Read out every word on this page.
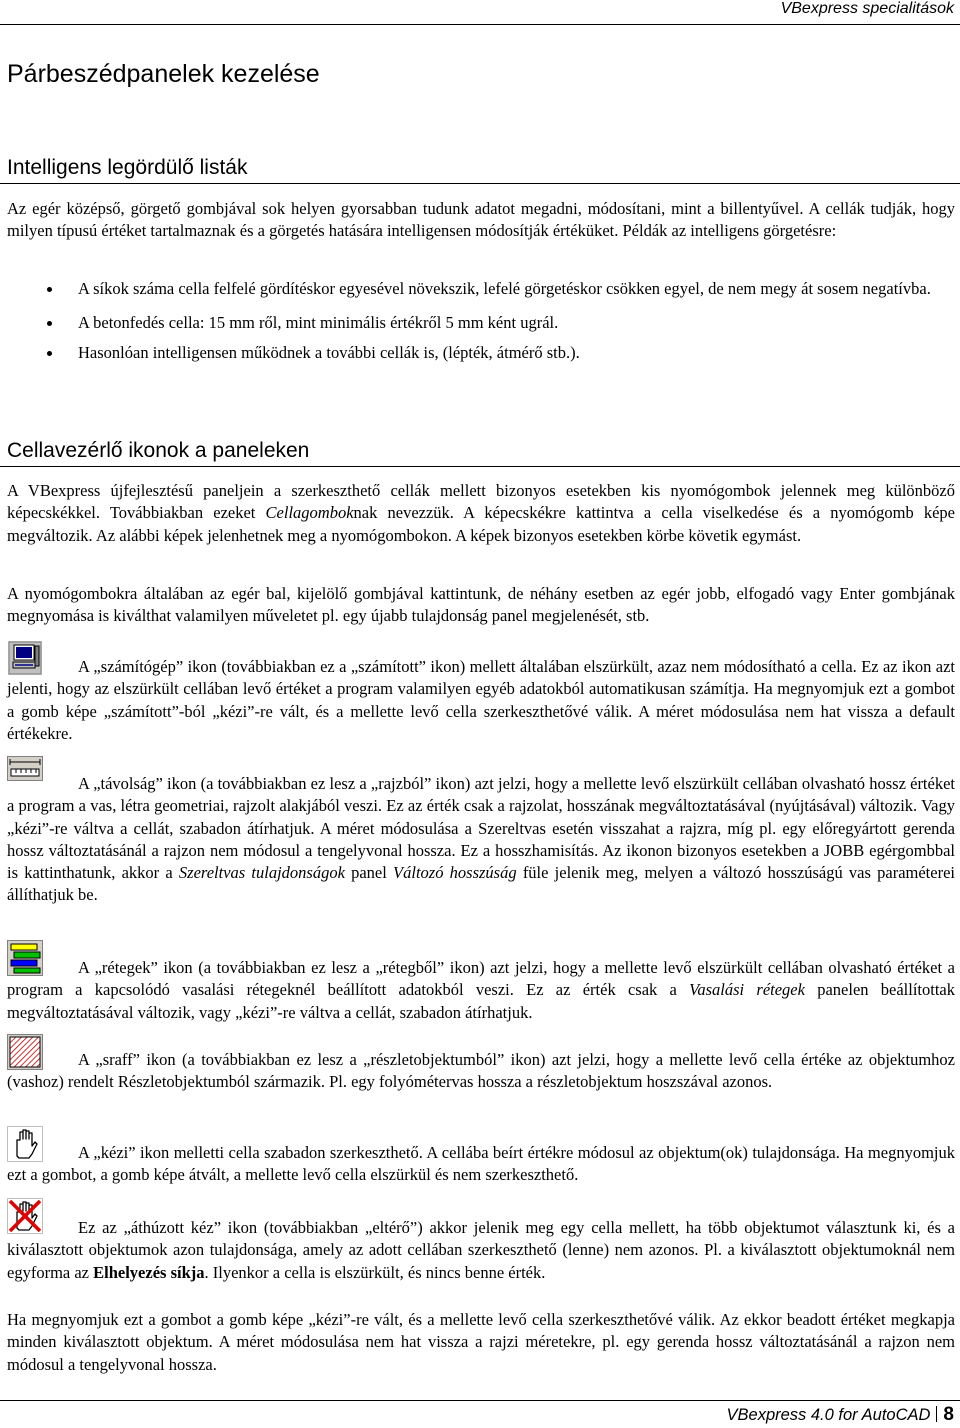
VBexpress specialitások
Párbeszédpanelek kezelése
Intelligens legördülő listák

Az egér középső, görgető gombjával sok helyen gyorsabban tudunk adatot megadni, módosítani, mint a billentyűvel. A cellák tudják, hogy milyen típusú értéket tartalmaznak és a görgetés hatására intelligensen módosítják értéküket. Példák az intelligens görgetésre:

A síkok száma cella felfelé gördítéskor egyesével növekszik, lefelé görgetéskor csökken egyel, de nem megy át sosem negatívba.
A betonfedés cella: 15 mm ről, mint minimális értékről 5 mm ként ugrál.
Hasonlóan intelligensen működnek a további cellák is, (lépték, átmérő stb.).
Cellavezérlő ikonok a paneleken

A VBexpress újfejlesztésű paneljein a szerkeszthető cellák mellett bizonyos esetekben kis nyomógombok jelennek meg különböző képecskékkel. Továbbiakban ezeket Cellagomboknak nevezzük. A képecskékre kattintva a cella viselkedése és a nyomógomb képe megváltozik. Az alábbi képek jelenhetnek meg a nyomógombokon. A képek bizonyos esetekben körbe követik egymást.

A nyomógombokra általában az egér bal, kijelölő gombjával kattintunk, de néhány esetben az egér jobb, elfogadó vagy Enter gombjának megnyomása is kiválthat valamilyen műveletet pl. egy újabb tulajdonság panel megjelenését, stb.

A „számítógép” ikon (továbbiakban ez a „számított” ikon) mellett általában elszürkült, azaz nem módosítható a cella. Ez az ikon azt jelenti, hogy az elszürkült cellában levő értéket a program valamilyen egyéb adatokból automatikusan számítja. Ha megnyomjuk ezt a gombot a gomb képe „számított”-ból „kézi”-re vált, és a mellette levő cella szerkeszthetővé válik. A méret módosulása nem hat vissza a default értékekre.

A „távolság” ikon (a továbbiakban ez lesz a „rajzból” ikon) azt jelzi, hogy a mellette levő elszürkült cellában olvasható hossz értéket a program a vas, létra geometriai, rajzolt alakjából veszi. Ez az érték csak a rajzolat, hosszának megváltoztatásával (nyújtásával) változik. Vagy „kézi”-re váltva a cellát, szabadon átírhatjuk. A méret módosulása a Szereltvas esetén visszahat a rajzra, míg pl. egy előregyártott gerenda hossz változtatásánál a rajzon nem módosul a tengelyvonal hossza. Ez a hosszhamisítás. Az ikonon bizonyos esetekben a JOBB egérgombbal is kattinthatunk, akkor a Szereltvas tulajdonságok panel Változó hosszúság füle jelenik meg, melyen a változó hosszúságú vas paraméterei állíthatjuk be.

A „rétegek” ikon (a továbbiakban ez lesz a „rétegből” ikon) azt jelzi, hogy a mellette levő elszürkült cellában olvasható értéket a program a kapcsolódó vasalási rétegeknél beállított adatokból veszi. Ez az érték csak a Vasalási rétegek panelen beállítottak megváltoztatásával változik, vagy „kézi”-re váltva a cellát, szabadon átírhatjuk.

A „sraff” ikon (a továbbiakban ez lesz a „részletobjektumból” ikon) azt jelzi, hogy a mellette levő cella értéke az objektumhoz (vashoz) rendelt Részletobjektumból származik. Pl. egy folyómétervas hossza a részletobjektum hoszszával azonos.

A „kézi” ikon melletti cella szabadon szerkeszthető. A cellába beírt értékre módosul az objektum(ok) tulajdonsága. Ha megnyomjuk ezt a gombot, a gomb képe átvált, a mellette levő cella elszürkül és nem szerkeszthető.

Ez az „áthúzott kéz” ikon (továbbiakban „eltérő”) akkor jelenik meg egy cella mellett, ha több objektumot választunk ki, és a kiválasztott objektumok azon tulajdonsága, amely az adott cellában szerkeszthető (lenne) nem azonos. Pl. a kiválasztott objektumoknál nem egyforma az Elhelyezés síkja. Ilyenkor a cella is elszürkült, és nincs benne érték.

Ha megnyomjuk ezt a gombot a gomb képe „kézi”-re vált, és a mellette levő cella szerkeszthetővé válik. Az ekkor beadott értéket megkapja minden kiválasztott objektum. A méret módosulása nem hat vissza a rajzi méretekre, pl. egy gerenda hossz változtatásánál a rajzon nem módosul a tengelyvonal hossza.

VBexpress 4.0 for AutoCAD 8
